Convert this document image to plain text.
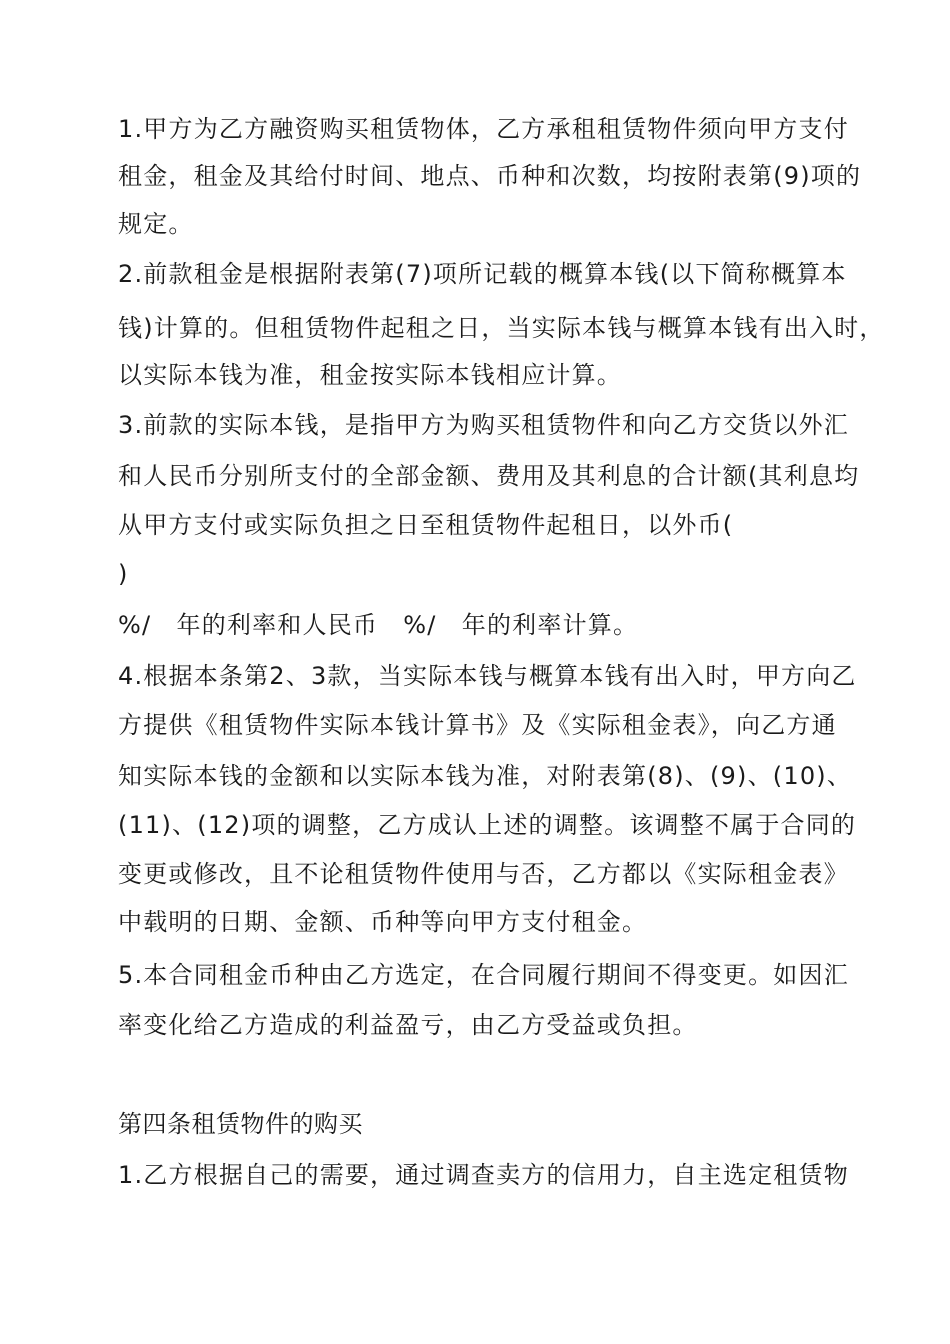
1.甲方为乙方融资购买租赁物体，乙方承租租赁物件须向甲方支付
租金，租金及其给付时间、地点、币种和次数，均按附表第(9)项的
规定。
2.前款租金是根据附表第(7)项所记载的概算本钱(以下简称概算本
钱)计算的。但租赁物件起租之日，当实际本钱与概算本钱有出入时，
以实际本钱为准，租金按实际本钱相应计算。
3.前款的实际本钱，是指甲方为购买租赁物件和向乙方交货以外汇
和人民币分别所支付的全部金额、费用及其利息的合计额(其利息均
从甲方支付或实际负担之日至租赁物件起租日，以外币(
)
%/　年的利率和人民币　%/　年的利率计算。
4.根据本条第2、3款，当实际本钱与概算本钱有出入时，甲方向乙
方提供《租赁物件实际本钱计算书》及《实际租金表》，向乙方通
知实际本钱的金额和以实际本钱为准，对附表第(8)、(9)、(10)、
(11)、(12)项的调整，乙方成认上述的调整。该调整不属于合同的
变更或修改，且不论租赁物件使用与否，乙方都以《实际租金表》
中载明的日期、金额、币种等向甲方支付租金。
5.本合同租金币种由乙方选定，在合同履行期间不得变更。如因汇
率变化给乙方造成的利益盈亏，由乙方受益或负担。
第四条租赁物件的购买
1.乙方根据自己的需要，通过调查卖方的信用力，自主选定租赁物
